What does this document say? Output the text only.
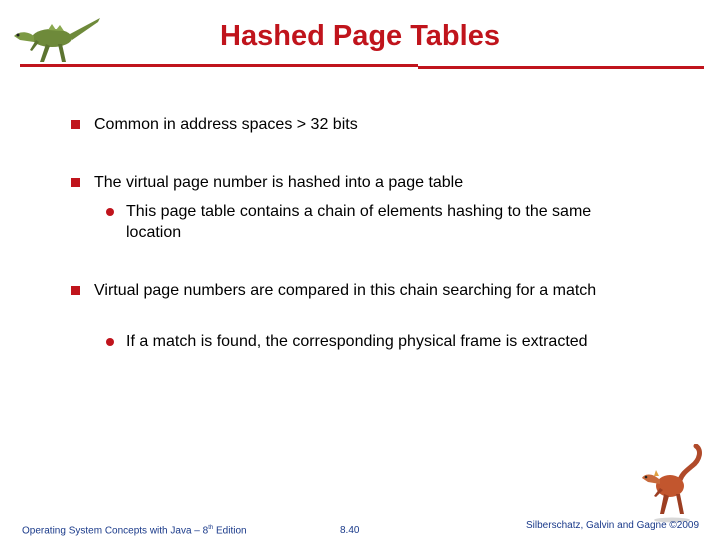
Hashed Page Tables
Common in address spaces > 32 bits
The virtual page number is hashed into a page table
This page table contains a chain of elements hashing to the same location
Virtual page numbers are compared in this chain searching for a match
If a match is found, the corresponding physical frame is extracted
Operating System Concepts with Java – 8th Edition	8.40	Silberschatz, Galvin and Gagne ©2009
